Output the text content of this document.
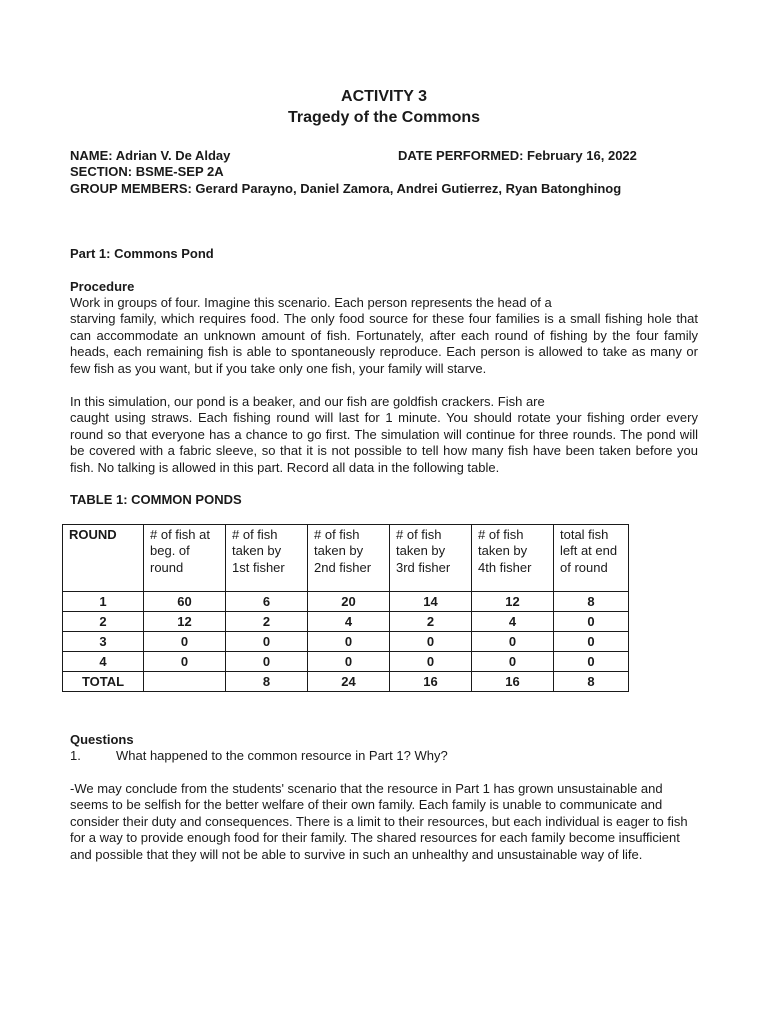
ACTIVITY 3
Tragedy of the Commons
NAME: Adrian V. De Alday	DATE PERFORMED: February 16, 2022
SECTION: BSME-SEP 2A
GROUP MEMBERS: Gerard Parayno, Daniel Zamora, Andrei Gutierrez, Ryan Batonghinog
Part 1: Commons Pond
Procedure
Work in groups of four. Imagine this scenario. Each person represents the head of a
starving family, which requires food. The only food source for these four families is a small fishing hole that can accommodate an unknown amount of fish. Fortunately, after each round of fishing by the four family heads, each remaining fish is able to spontaneously reproduce. Each person is allowed to take as many or few fish as you want, but if you take only one fish, your family will starve.
In this simulation, our pond is a beaker, and our fish are goldfish crackers. Fish are
caught using straws. Each fishing round will last for 1 minute. You should rotate your fishing order every round so that everyone has a chance to go first. The simulation will continue for three rounds. The pond will be covered with a fabric sleeve, so that it is not possible to tell how many fish have been taken before you fish. No talking is allowed in this part. Record all data in the following table.
TABLE 1: COMMON PONDS
ROUND	# of fish at beg. of round	# of fish taken by 1st fisher	# of fish taken by 2nd fisher	# of fish taken by 3rd fisher	# of fish taken by 4th fisher	total fish left at end of round
1	60	6	20	14	12	8
2	12	2	4	2	4	0
3	0	0	0	0	0	0
4	0	0	0	0	0	0
TOTAL		8	24	16	16	8
Questions
1.	What happened to the common resource in Part 1? Why?
-We may conclude from the students' scenario that the resource in Part 1 has grown unsustainable and seems to be selfish for the better welfare of their own family. Each family is unable to communicate and consider their duty and consequences. There is a limit to their resources, but each individual is eager to fish for a way to provide enough food for their family. The shared resources for each family become insufficient and possible that they will not be able to survive in such an unhealthy and unsustainable way of life.
